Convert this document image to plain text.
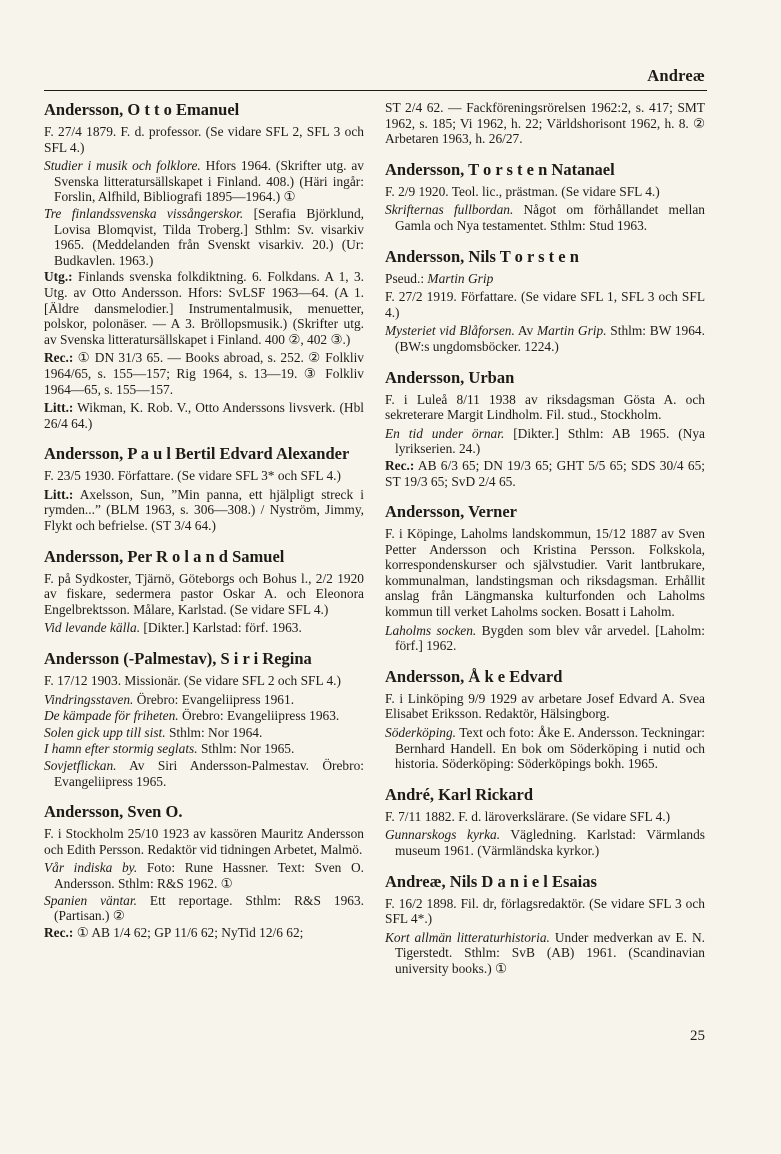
Andreæ
Andersson, O t t o Emanuel
F. 27/4 1879. F. d. professor. (Se vidare SFL 2, SFL 3 och SFL 4.)
Studier i musik och folklore. Hfors 1964. (Skrifter utg. av Svenska litteratursällskapet i Finland. 408.) (Häri ingår: Forslin, Alfhild, Bibliografi 1895—1964.) ①
Tre finlandssvenska vissångerskor. [Serafia Björklund, Lovisa Blomqvist, Tilda Troberg.] Sthlm: Sv. visarkiv 1965. (Meddelanden från Svenskt visarkiv. 20.) (Ur: Budkavlen. 1963.)
Utg.: Finlands svenska folkdiktning. 6. Folkdans. A 1, 3. Utg. av Otto Andersson. Hfors: SvLSF 1963—64. (A 1. [Äldre dansmelodier.] Instrumentalmusik, menuetter, polskor, polonäser. — A 3. Bröllopsmusik.) (Skrifter utg. av Svenska litteratursällskapet i Finland. 400 ②, 402 ③.)
Rec.: ① DN 31/3 65. — Books abroad, s. 252. ② Folkliv 1964/65, s. 155—157; Rig 1964, s. 13—19. ③ Folkliv 1964—65, s. 155—157.
Litt.: Wikman, K. Rob. V., Otto Anderssons livsverk. (Hbl 26/4 64.)
Andersson, P a u l Bertil Edvard Alexander
F. 23/5 1930. Författare. (Se vidare SFL 3* och SFL 4.)
Litt.: Axelsson, Sun, ”Min panna, ett hjälpligt streck i rymden...” (BLM 1963, s. 306—308.) / Nyström, Jimmy, Flykt och befrielse. (ST 3/4 64.)
Andersson, Per R o l a n d Samuel
F. på Sydkoster, Tjärnö, Göteborgs och Bohus l., 2/2 1920 av fiskare, sedermera pastor Oskar A. och Eleonora Engelbrektsson. Målare, Karlstad. (Se vidare SFL 4.)
Vid levande källa. [Dikter.] Karlstad: förf. 1963.
Andersson (-Palmestav), S i r i Regina
F. 17/12 1903. Missionär. (Se vidare SFL 2 och SFL 4.)
Vindringsstaven. Örebro: Evangeliipress 1961.
De kämpade för friheten. Örebro: Evangeliipress 1963.
Solen gick upp till sist. Sthlm: Nor 1964.
I hamn efter stormig seglats. Sthlm: Nor 1965.
Sovjetflickan. Av Siri Andersson-Palmestav. Örebro: Evangeliipress 1965.
Andersson, Sven O.
F. i Stockholm 25/10 1923 av kassören Mauritz Andersson och Edith Persson. Redaktör vid tidningen Arbetet, Malmö.
Vår indiska by. Foto: Rune Hassner. Text: Sven O. Andersson. Sthlm: R&S 1962. ①
Spanien väntar. Ett reportage. Sthlm: R&S 1963. (Partisan.) ②
Rec.: ① AB 1/4 62; GP 11/6 62; NyTid 12/6 62;
ST 2/4 62. — Fackföreningsrörelsen 1962:2, s. 417; SMT 1962, s. 185; Vi 1962, h. 22; Världshorisont 1962, h. 8. ② Arbetaren 1963, h. 26/27.
Andersson, T o r s t e n Natanael
F. 2/9 1920. Teol. lic., prästman. (Se vidare SFL 4.)
Skrifternas fullbordan. Något om förhållandet mellan Gamla och Nya testamentet. Sthlm: Stud 1963.
Andersson, Nils T o r s t e n
Pseud.: Martin Grip
F. 27/2 1919. Författare. (Se vidare SFL 1, SFL 3 och SFL 4.)
Mysteriet vid Blåforsen. Av Martin Grip. Sthlm: BW 1964. (BW:s ungdomsböcker. 1224.)
Andersson, Urban
F. i Luleå 8/11 1938 av riksdagsman Gösta A. och sekreterare Margit Lindholm. Fil. stud., Stockholm.
En tid under örnar. [Dikter.] Sthlm: AB 1965. (Nya lyrikserien. 24.)
Rec.: AB 6/3 65; DN 19/3 65; GHT 5/5 65; SDS 30/4 65; ST 19/3 65; SvD 2/4 65.
Andersson, Verner
F. i Köpinge, Laholms landskommun, 15/12 1887 av Sven Petter Andersson och Kristina Persson. Folkskola, korrespondenskurser och självstudier. Varit lantbrukare, kommunalman, landstingsman och riksdagsman. Erhållit anslag från Längmanska kulturfonden och Laholms kommun till verket Laholms socken. Bosatt i Laholm.
Laholms socken. Bygden som blev vår arvedel. [Laholm: förf.] 1962.
Andersson, Å k e Edvard
F. i Linköping 9/9 1929 av arbetare Josef Edvard A. Svea Elisabet Eriksson. Redaktör, Hälsingborg.
Söderköping. Text och foto: Åke E. Andersson. Teckningar: Bernhard Handell. En bok om Söderköping i nutid och historia. Söderköping: Söderköpings bokh. 1965.
André, Karl Rickard
F. 7/11 1882. F. d. läroverkslärare. (Se vidare SFL 4.)
Gunnarskogs kyrka. Vägledning. Karlstad: Värmlands museum 1961. (Värmländska kyrkor.)
Andreæ, Nils D a n i e l Esaias
F. 16/2 1898. Fil. dr, förlagsredaktör. (Se vidare SFL 3 och SFL 4*.)
Kort allmän litteraturhistoria. Under medverkan av E. N. Tigerstedt. Sthlm: SvB (AB) 1961. (Scandinavian university books.) ①
25
